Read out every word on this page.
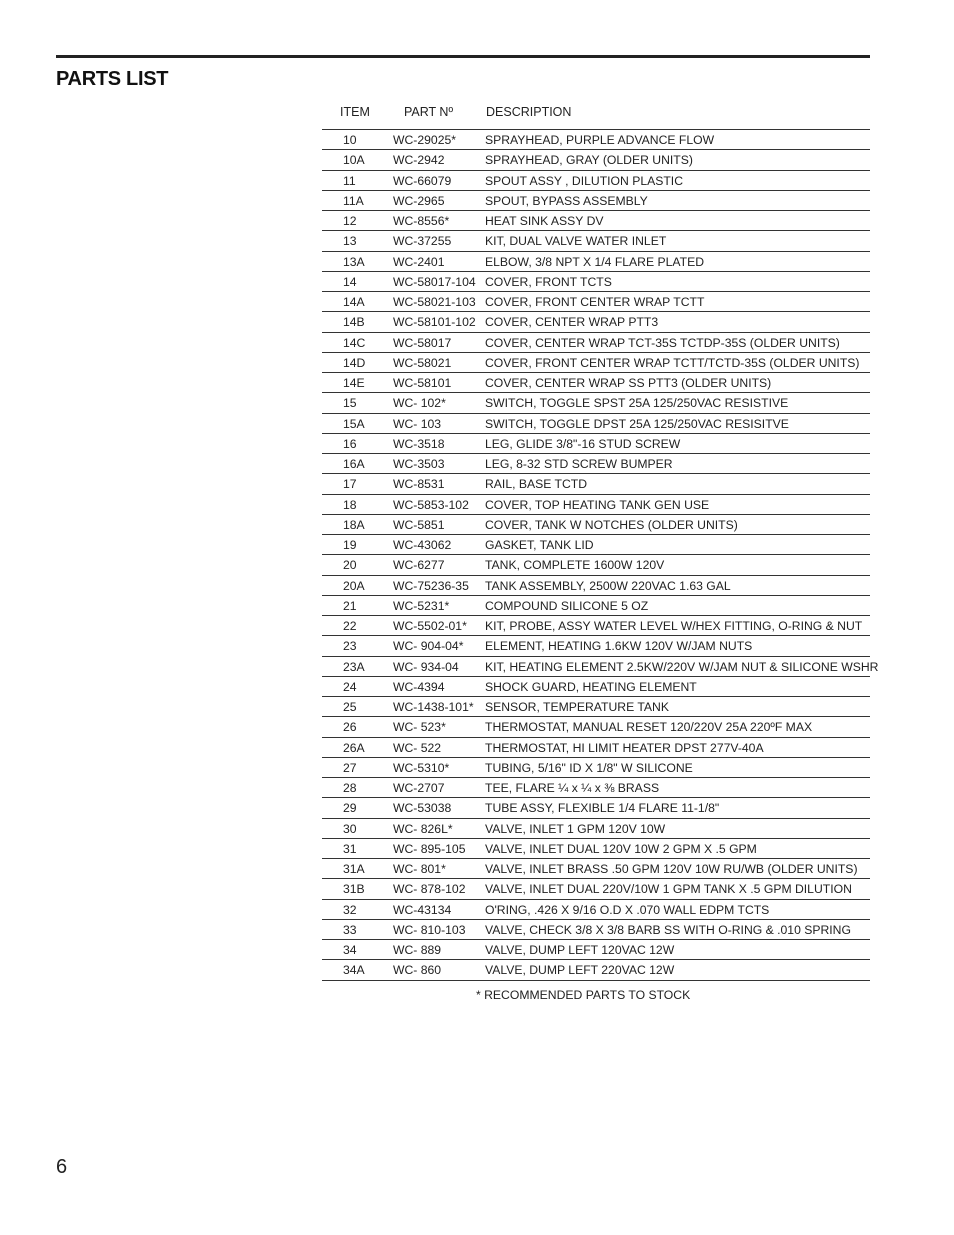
PARTS LIST
ITEM	PART Nº	DESCRIPTION
10	WC-29025* SPRAYHEAD, PURPLE ADVANCE FLOW
10A WC-2942	SPRAYHEAD, GRAY (OLDER UNITS)
11	WC-66079	SPOUT ASSY , DILUTION PLASTIC
11A WC-2965	SPOUT, BYPASS ASSEMBLY
12	WC-8556*	HEAT SINK ASSY DV
13	WC-37255	KIT, DUAL VALVE WATER INLET
13A WC-2401	ELBOW, 3/8 NPT X 1/4 FLARE PLATED
14	WC-58017-104 COVER, FRONT TCTS
14A WC-58021-103 COVER, FRONT CENTER WRAP TCTT
14B WC-58101-102 COVER, CENTER WRAP PTT3
14C WC-58017	COVER, CENTER WRAP TCT-35S TCTDP-35S (OLDER UNITS)
14D WC-58021	COVER, FRONT CENTER WRAP TCTT/TCTD-35S (OLDER UNITS)
14E WC-58101	COVER, CENTER WRAP SS PTT3 (OLDER UNITS)
15	WC- 102*	SWITCH, TOGGLE SPST 25A 125/250VAC RESISTIVE
15A WC- 103	SWITCH, TOGGLE DPST 25A 125/250VAC RESISITVE
16	WC-3518	LEG, GLIDE 3/8"-16 STUD SCREW
16A WC-3503	LEG, 8-32 STD SCREW BUMPER
17	WC-8531	RAIL, BASE TCTD
18	WC-5853-102 COVER, TOP HEATING TANK GEN USE
18A WC-5851	COVER, TANK W NOTCHES (OLDER UNITS)
19	WC-43062	GASKET, TANK LID
20	WC-6277	TANK, COMPLETE 1600W 120V
20A WC-75236-35 TANK ASSEMBLY, 2500W 220VAC 1.63 GAL
21	WC-5231*	COMPOUND SILICONE 5 OZ
22	WC-5502-01* KIT, PROBE, ASSY WATER LEVEL W/HEX FITTING, O-RING & NUT
23	WC- 904-04* ELEMENT, HEATING 1.6KW 120V W/JAM NUTS
23A WC- 934-04 KIT, HEATING ELEMENT 2.5KW/220V W/JAM NUT & SILICONE WSHR
24	WC-4394	SHOCK GUARD, HEATING ELEMENT
25	WC-1438-101* SENSOR, TEMPERATURE TANK
26	WC- 523*	THERMOSTAT, MANUAL RESET 120/220V 25A 220ºF MAX
26A WC- 522	THERMOSTAT, HI LIMIT HEATER DPST 277V-40A
27	WC-5310*	TUBING, 5/16" ID X 1/8" W SILICONE
28	WC-2707	TEE, FLARE ¼ x ¼ x ⅜ BRASS
29	WC-53038	TUBE ASSY, FLEXIBLE 1/4 FLARE 11-1/8"
30	WC- 826L*	VALVE, INLET 1 GPM 120V 10W
31	WC- 895-105 VALVE, INLET DUAL 120V 10W 2 GPM X .5 GPM
31A WC- 801*	VALVE, INLET BRASS .50 GPM 120V 10W RU/WB (OLDER UNITS)
31B WC- 878-102 VALVE, INLET DUAL 220V/10W 1 GPM TANK X .5 GPM DILUTION
32	WC-43134	O'RING, .426 X 9/16 O.D X .070 WALL EDPM TCTS
33	WC- 810-103 VALVE, CHECK 3/8 X 3/8 BARB SS WITH O-RING & .010 SPRING
34	WC- 889	VALVE, DUMP LEFT 120VAC 12W
34A WC- 860	VALVE, DUMP LEFT 220VAC 12W
* RECOMMENDED PARTS TO STOCK
6
